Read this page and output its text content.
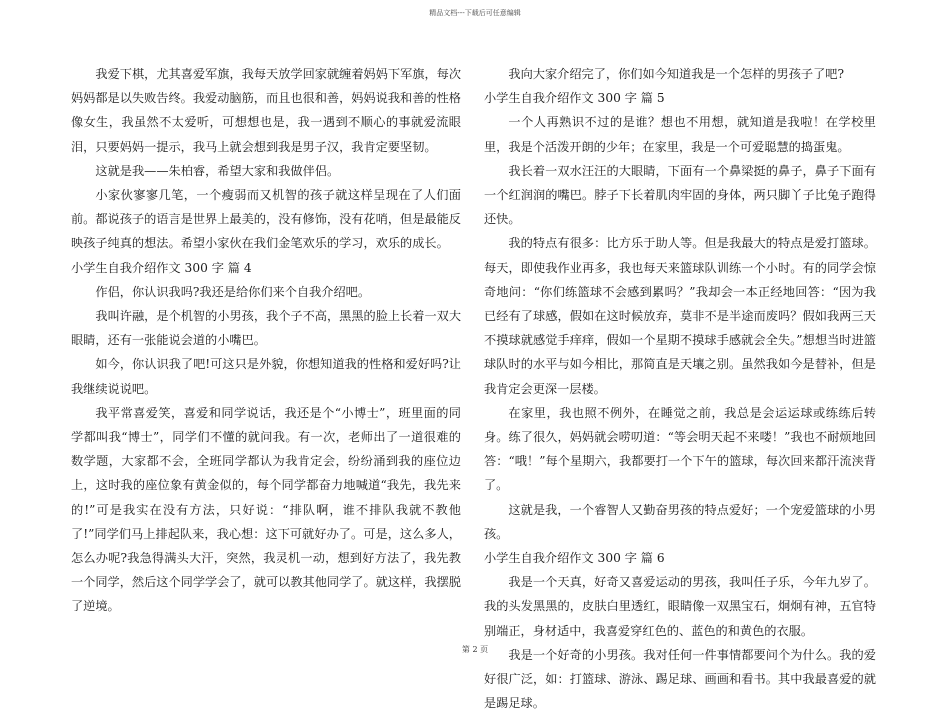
精品文档---下载后可任意编辑

我爱下棋，尤其喜爱军旗，我每天放学回家就缠着妈妈下军旗，每次妈妈都是以失败告终。我爱动脑筋，而且也很和善，妈妈说我和善的性格像女生，我虽然不太爱听，可想想也是，我一遇到不顺心的事就爱流眼泪，只要妈妈一提示，我马上就会想到我是男子汉，我肯定要坚韧。

这就是我——朱柏睿，希望大家和我做伴侣。

小家伙寥寥几笔，一个瘦弱而又机智的孩子就这样呈现在了人们面前。都说孩子的语言是世界上最美的，没有修饰，没有花哨，但是最能反映孩子纯真的想法。希望小家伙在我们金笔欢乐的学习，欢乐的成长。

小学生自我介绍作文 300 字 篇 4

作侣，你认识我吗?我还是给你们来个自我介绍吧。

我叫许融，是个机智的小男孩，我个子不高，黑黑的脸上长着一双大眼睛，还有一张能说会道的小嘴巴。

如今，你认识我了吧!可这只是外貌，你想知道我的性格和爱好吗?让我继续说说吧。

我平常喜爱笑，喜爱和同学说话，我还是个“小博士”，班里面的同学都叫我“博士”，同学们不懂的就问我。有一次，老师出了一道很难的数学题，大家都不会，全班同学都认为我肯定会，纷纷涌到我的座位边上，这时我的座位象有黄金似的，每个同学都奋力地喊道“我先，我先来的!”可是我实在没有方法，只好说：“排队啊，谁不排队我就不教他了!”同学们马上排起队来，我心想：这下可就好办了。可是，这么多人，怎么办呢?我急得满头大汗，突然，我灵机一动，想到好方法了，我先教一个同学，然后这个同学学会了，就可以教其他同学了。就这样，我摆脱了逆境。

我向大家介绍完了，你们如今知道我是一个怎样的男孩子了吧?

小学生自我介绍作文 300 字 篇 5

一个人再熟识不过的是谁？想也不用想，就知道是我啦！在学校里里，我是个活泼开朗的少年；在家里，我是一个可爱聪慧的捣蛋鬼。

我长着一双水汪汪的大眼睛，下面有一个鼻梁挺的鼻子，鼻子下面有一个红润润的嘴巴。脖子下长着肌肉牢固的身体，两只脚丫子比兔子跑得还快。

我的特点有很多：比方乐于助人等。但是我最大的特点是爱打篮球。每天，即使我作业再多，我也每天来篮球队训练一个小时。有的同学会惊奇地问：“你们练篮球不会感到累吗？”我却会一本正经地回答：“因为我已经有了球感，假如在这时候放弃，莫非不是半途而废吗？假如我两三天不摸球就感觉手痒痒，假如一个星期不摸球手感就会全失。”想想当时进篮球队时的水平与如今相比，那简直是天壤之别。虽然我如今是替补，但是我肯定会更深一层楼。

在家里，我也照不例外，在睡觉之前，我总是会运运球或练练后转身。练了很久，妈妈就会唠叨道：“等会明天起不来喽！”我也不耐烦地回答：“哦！”每个星期六，我都要打一个下午的篮球，每次回来都汗流浃背了。

这就是我，一个睿智人又勤奋男孩的特点爱好；一个宠爱篮球的小男孩。

小学生自我介绍作文 300 字 篇 6

我是一个天真，好奇又喜爱运动的男孩，我叫任子乐，今年九岁了。我的头发黑黑的，皮肤白里透红，眼睛像一双黑宝石，炯炯有神，五官特别端正，身材适中，我喜爱穿红色的、蓝色的和黄色的衣服。

我是一个好奇的小男孩。我对任何一件事情都要问个为什么。我的爱好很广泛，如：打篮球、游泳、踢足球、画画和看书。其中我最喜爱的就是踢足球。

第 2 页
